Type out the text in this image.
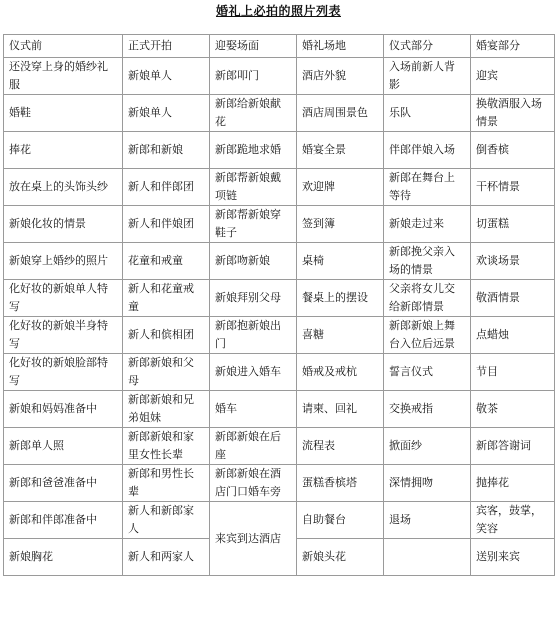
婚礼上必拍的照片列表
仪式前	正式开拍	迎娶场面	婚礼场地	仪式部分	婚宴部分
还没穿上身的婚纱礼服	新娘单人	新郎叩门	酒店外貌	入场前新人背影	迎宾
婚鞋	新娘单人	新郎给新娘献花	酒店周围景色	乐队	换敬酒服入场情景
捧花	新郎和新娘	新郎跪地求婚	婚宴全景	伴郎伴娘入场	倒香槟
放在桌上的头饰头纱	新人和伴郎团	新郎帮新娘戴项链	欢迎牌	新郎在舞台上等待	干杯情景
新娘化妆的情景	新人和伴娘团	新郎帮新娘穿鞋子	签到簿	新娘走过来	切蛋糕
新娘穿上婚纱的照片	花童和戒童	新郎吻新娘	桌椅	新郎挽父亲入场的情景	欢谈场景
化好妆的新娘单人特写	新人和花童戒童	新娘拜别父母	餐桌上的摆设	父亲将女儿交给新郎情景	敬酒情景
化好妆的新娘半身特写	新人和傧相团	新郎抱新娘出门	喜糖	新郎新娘上舞台入位后远景	点蜡烛
化好妆的新娘脸部特写	新郎新娘和父母	新娘进入婚车	婚戒及戒杭	誓言仪式	节目
新娘和妈妈准备中	新郎新娘和兄弟姐妹	婚车	请柬、回礼	交换戒指	敬茶
新郎单人照	新郎新娘和家里女性长辈	新郎新娘在后座	流程表	掀面纱	新郎答谢词
新郎和爸爸准备中	新郎和男性长辈	新郎新娘在酒店门口婚车旁	蛋糕香槟塔	深情拥吻	抛捧花
新郎和伴郎准备中	新人和新郎家人	来宾到达酒店	自助餐台	退场	宾客，鼓掌，笑容
新娘胸花	新人和两家人		新娘头花		送别来宾
